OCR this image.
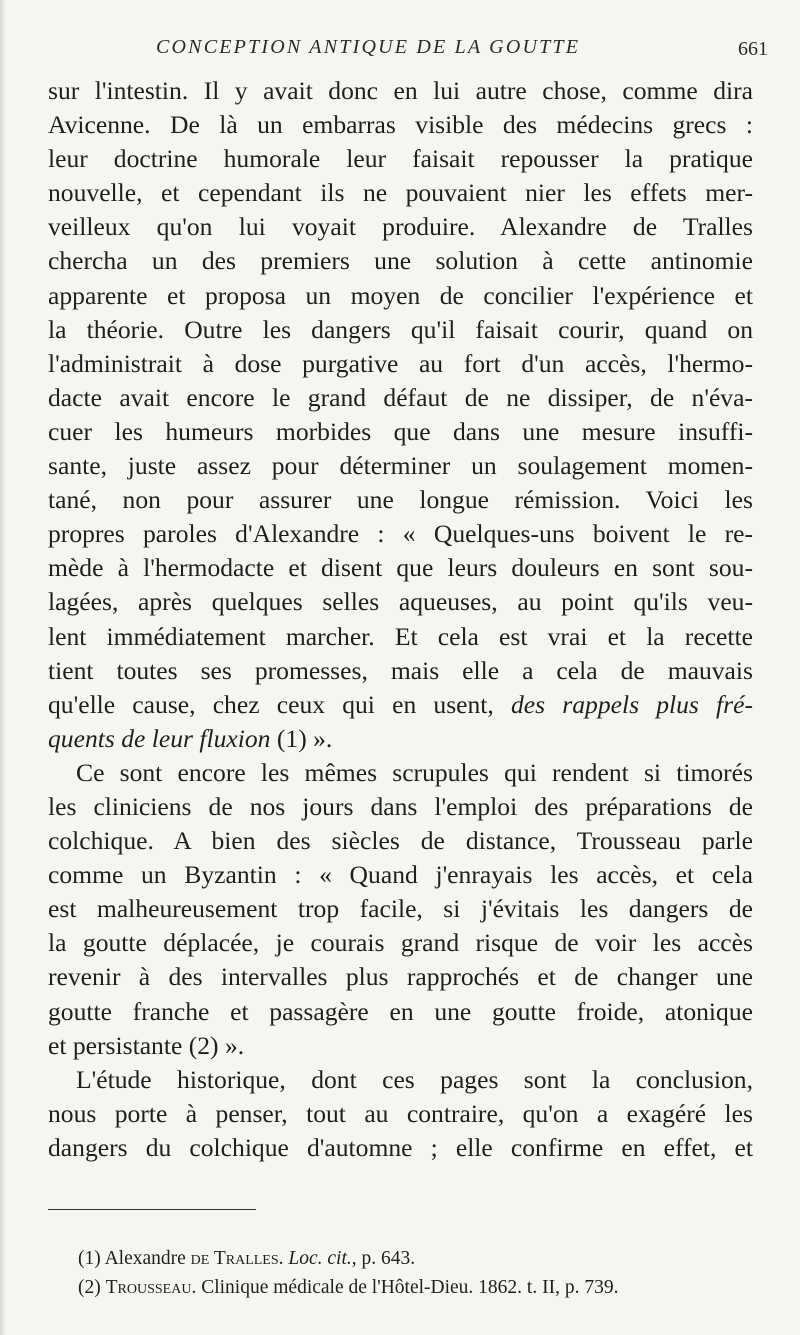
CONCEPTION ANTIQUE DE LA GOUTTE	661
sur l'intestin. Il y avait donc en lui autre chose, comme dira
Avicenne. De là un embarras visible des médecins grecs :
leur doctrine humorale leur faisait repousser la pratique
nouvelle, et cependant ils ne pouvaient nier les effets mer-
veilleux qu'on lui voyait produire. Alexandre de Tralles
chercha un des premiers une solution à cette antinomie
apparente et proposa un moyen de concilier l'expérience et
la théorie. Outre les dangers qu'il faisait courir, quand on
l'administrait à dose purgative au fort d'un accès, l'hermo-
dacte avait encore le grand défaut de ne dissiper, de n'éva-
cuer les humeurs morbides que dans une mesure insuffi-
sante, juste assez pour déterminer un soulagement momen-
tané, non pour assurer une longue rémission. Voici les
propres paroles d'Alexandre : « Quelques-uns boivent le re-
mède à l'hermodacte et disent que leurs douleurs en sont sou-
lagées, après quelques selles aqueuses, au point qu'ils veu-
lent immédiatement marcher. Et cela est vrai et la recette
tient toutes ses promesses, mais elle a cela de mauvais
qu'elle cause, chez ceux qui en usent, des rappels plus fré-
quents de leur fluxion (1) ».
Ce sont encore les mêmes scrupules qui rendent si timorés
les cliniciens de nos jours dans l'emploi des préparations de
colchique. A bien des siècles de distance, Trousseau parle
comme un Byzantin : « Quand j'enrayais les accès, et cela
est malheureusement trop facile, si j'évitais les dangers de
la goutte déplacée, je courais grand risque de voir les accès
revenir à des intervalles plus rapprochés et de changer une
goutte franche et passagère en une goutte froide, atonique
et persistante (2) ».
L'étude historique, dont ces pages sont la conclusion,
nous porte à penser, tout au contraire, qu'on a exagéré les
dangers du colchique d'automne ; elle confirme en effet, et
(1) Alexandre de Tralles. Loc. cit., p. 643.
(2) Trousseau. Clinique médicale de l'Hôtel-Dieu. 1862. t. II, p. 739.
